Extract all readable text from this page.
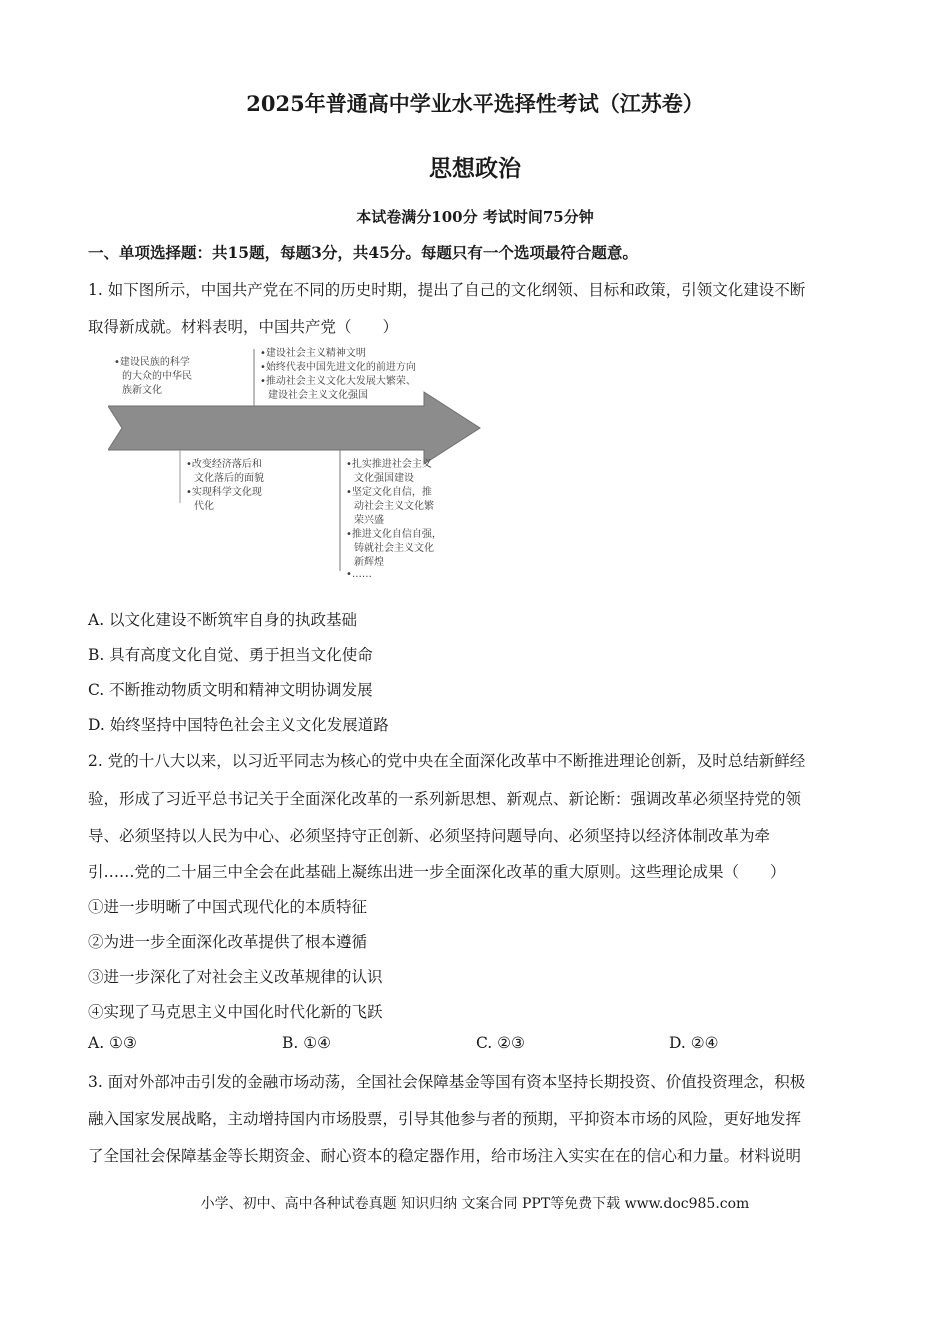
2025年普通高中学业水平选择性考试（江苏卷）
思想政治
本试卷满分100分 考试时间75分钟
一、单项选择题：共15题，每题3分，共45分。每题只有一个选项最符合题意。
1. 如下图所示，中国共产党在不同的历史时期，提出了自己的文化纲领、目标和政策，引领文化建设不断
取得新成就。材料表明，中国共产党（　　）
•建设民族的科学 的大众的中华民 族新文化
•建设社会主义精神文明 •始终代表中国先进文化的前进方向 •推动社会主义文化大发展大繁荣、 建设社会主义文化强国
•改变经济落后和 文化落后的面貌 •实现科学文化现 代化
•扎实推进社会主义 文化强国建设 •坚定文化自信，推 动社会主义文化繁 荣兴盛 •推进文化自信自强， 铸就社会主义文化 新辉煌 •……
A. 以文化建设不断筑牢自身的执政基础
B. 具有高度文化自觉、勇于担当文化使命
C. 不断推动物质文明和精神文明协调发展
D. 始终坚持中国特色社会主义文化发展道路
2. 党的十八大以来，以习近平同志为核心的党中央在全面深化改革中不断推进理论创新，及时总结新鲜经
验，形成了习近平总书记关于全面深化改革的一系列新思想、新观点、新论断：强调改革必须坚持党的领
导、必须坚持以人民为中心、必须坚持守正创新、必须坚持问题导向、必须坚持以经济体制改革为牵
引……党的二十届三中全会在此基础上凝练出进一步全面深化改革的重大原则。这些理论成果（　　）
①进一步明晰了中国式现代化的本质特征
②为进一步全面深化改革提供了根本遵循
③进一步深化了对社会主义改革规律的认识
④实现了马克思主义中国化时代化新的飞跃
A. ①③	B. ①④	C. ②③	D. ②④
3. 面对外部冲击引发的金融市场动荡，全国社会保障基金等国有资本坚持长期投资、价值投资理念，积极
融入国家发展战略，主动增持国内市场股票，引导其他参与者的预期，平抑资本市场的风险，更好地发挥
了全国社会保障基金等长期资金、耐心资本的稳定器作用，给市场注入实实在在的信心和力量。材料说明
小学、初中、高中各种试卷真题 知识归纳 文案合同 PPT等免费下载 www.doc985.com
